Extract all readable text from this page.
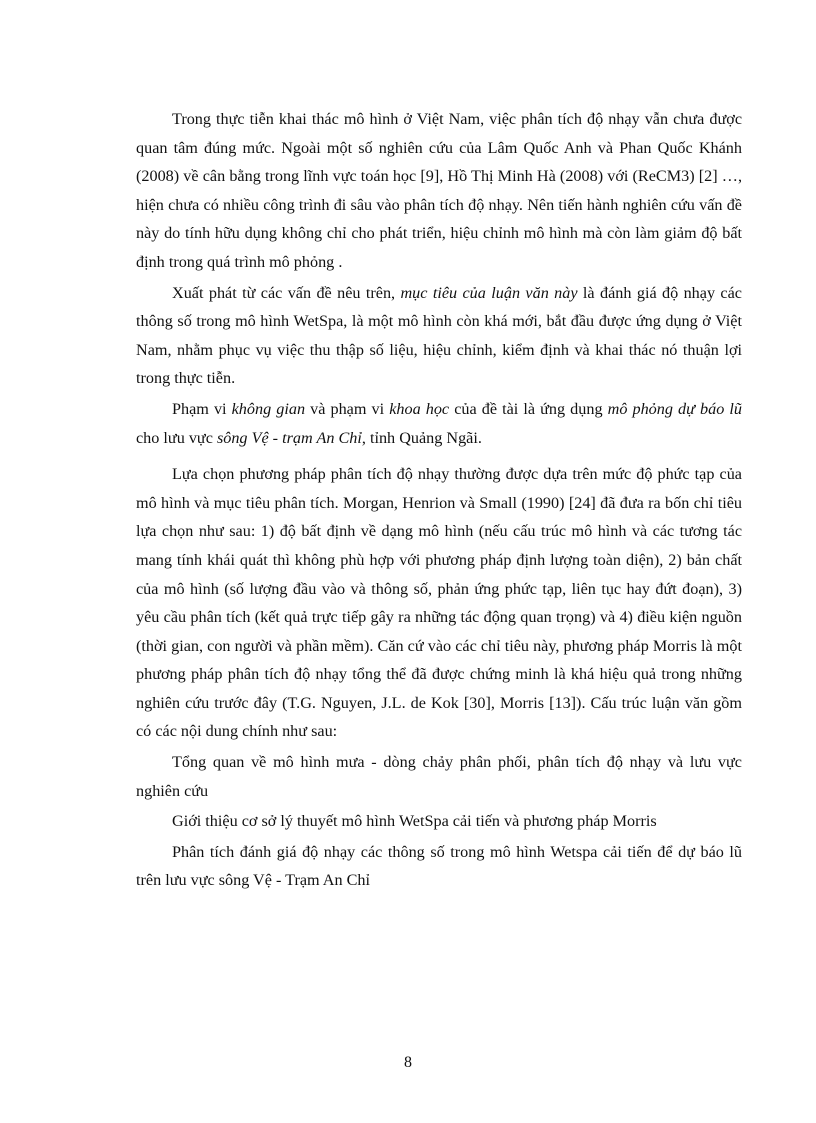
Trong thực tiễn khai thác mô hình ở Việt Nam, việc phân tích độ nhạy vẫn chưa được quan tâm đúng mức. Ngoài một số nghiên cứu của Lâm Quốc Anh và Phan Quốc Khánh (2008) về cân bằng trong lĩnh vực toán học [9], Hồ Thị Minh Hà (2008) với (ReCM3) [2] …, hiện chưa có nhiều công trình đi sâu vào phân tích độ nhạy. Nên tiến hành nghiên cứu vấn đề này do tính hữu dụng không chỉ cho phát triển, hiệu chỉnh mô hình mà còn làm giảm độ bất định trong quá trình mô phỏng .

Xuất phát từ các vấn đề nêu trên, mục tiêu của luận văn này là đánh giá độ nhạy các thông số trong mô hình WetSpa, là một mô hình còn khá mới, bắt đầu được ứng dụng ở Việt Nam, nhằm phục vụ việc thu thập số liệu, hiệu chỉnh, kiểm định và khai thác nó thuận lợi trong thực tiễn.

Phạm vi không gian và phạm vi khoa học của đề tài là ứng dụng mô phỏng dự báo lũ cho lưu vực sông Vệ - trạm An Chỉ, tỉnh Quảng Ngãi.

Lựa chọn phương pháp phân tích độ nhạy thường được dựa trên mức độ phức tạp của mô hình và mục tiêu phân tích. Morgan, Henrion và Small (1990) [24] đã đưa ra bốn chỉ tiêu lựa chọn như sau: 1) độ bất định về dạng mô hình (nếu cấu trúc mô hình và các tương tác mang tính khái quát thì không phù hợp với phương pháp định lượng toàn diện), 2) bản chất của mô hình (số lượng đầu vào và thông số, phản ứng phức tạp, liên tục hay đứt đoạn), 3) yêu cầu phân tích (kết quả trực tiếp gây ra những tác động quan trọng) và 4) điều kiện nguồn (thời gian, con người và phần mềm). Căn cứ vào các chỉ tiêu này, phương pháp Morris là một phương pháp phân tích độ nhạy tổng thể đã được chứng minh là khá hiệu quả trong những nghiên cứu trước đây (T.G. Nguyen, J.L. de Kok [30], Morris [13]). Cấu trúc luận văn gồm có các nội dung chính như sau:

Tổng quan về mô hình mưa - dòng chảy phân phối, phân tích độ nhạy và lưu vực nghiên cứu

Giới thiệu cơ sở lý thuyết mô hình WetSpa cải tiến và phương pháp Morris

Phân tích đánh giá độ nhạy các thông số trong mô hình Wetspa cải tiến để dự báo lũ trên lưu vực sông Vệ - Trạm An Chỉ

8
